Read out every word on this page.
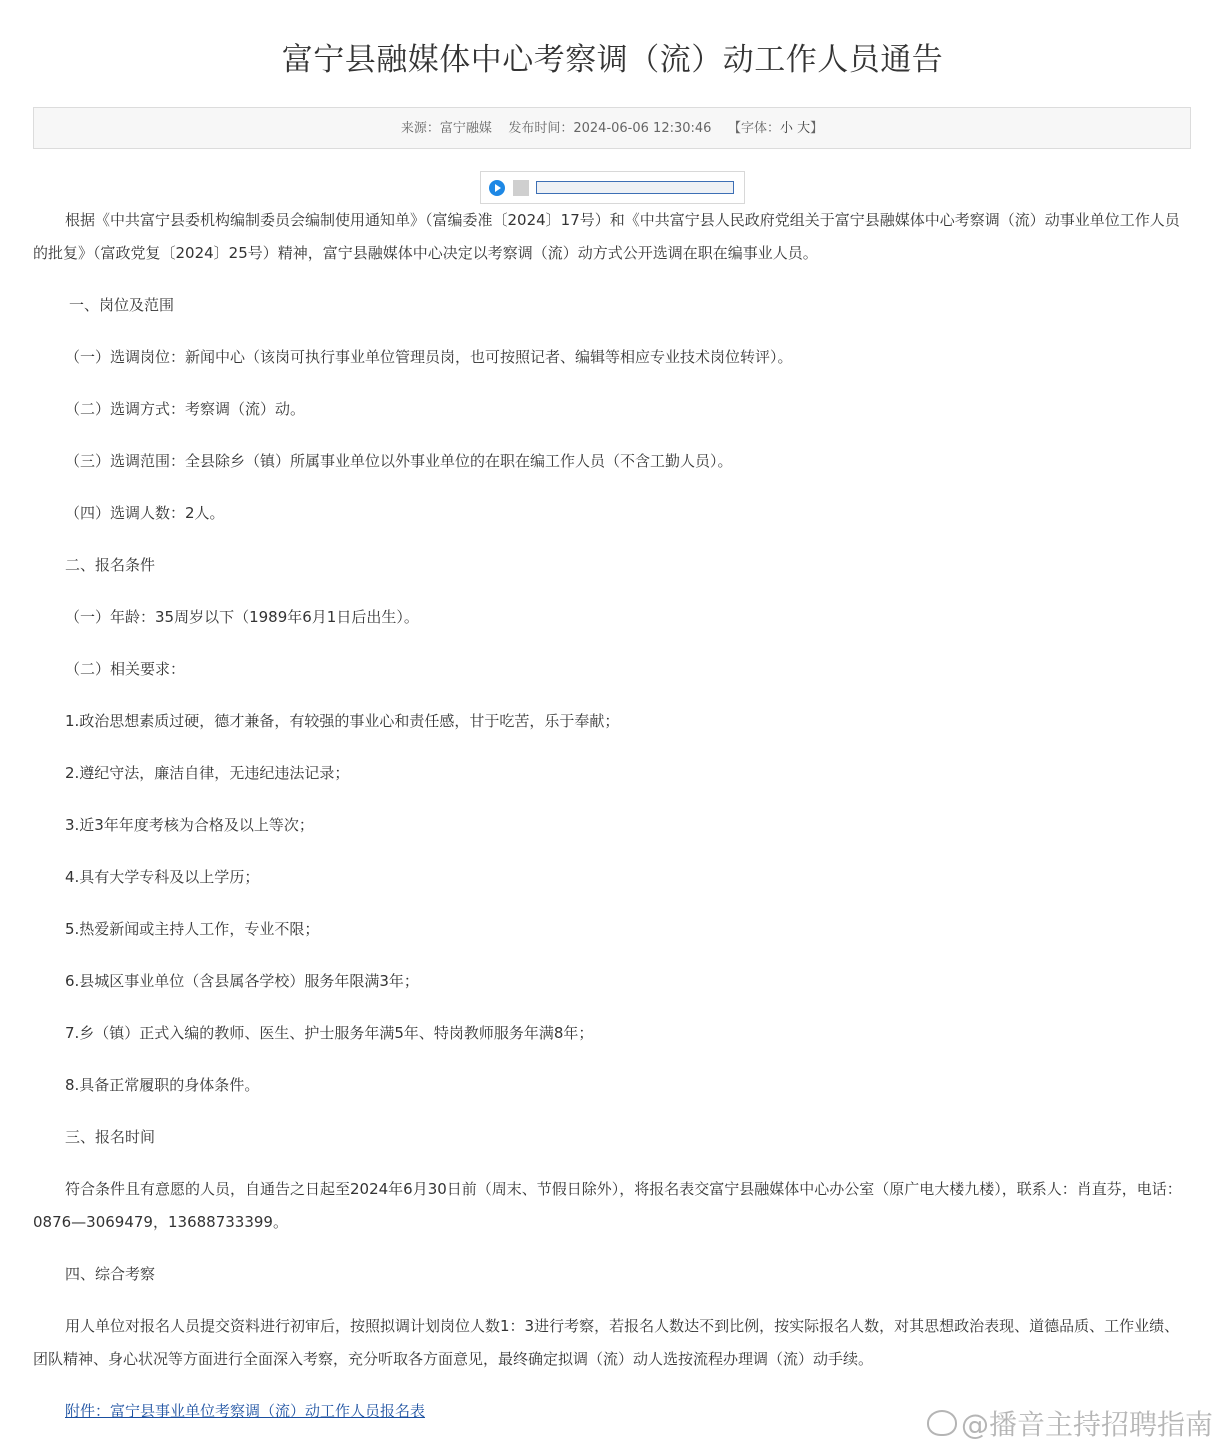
富宁县融媒体中心考察调（流）动工作人员通告
来源：富宁融媒 发布时间：2024-06-06 12:30:46 【字体：小 大】

根据《中共富宁县委机构编制委员会编制使用通知单》（富编委准〔2024〕17号）和《中共富宁县人民政府党组关于富宁县融媒体中心考察调（流）动事业单位工作人员的批复》（富政党复〔2024〕25号）精神，富宁县融媒体中心决定以考察调（流）动方式公开选调在职在编事业人员。

一、岗位及范围

（一）选调岗位：新闻中心（该岗可执行事业单位管理员岗，也可按照记者、编辑等相应专业技术岗位转评）。

（二）选调方式：考察调（流）动。

（三）选调范围：全县除乡（镇）所属事业单位以外事业单位的在职在编工作人员（不含工勤人员）。

（四）选调人数：2人。

二、报名条件

（一）年龄：35周岁以下（1989年6月1日后出生）。

（二）相关要求：

1.政治思想素质过硬，德才兼备，有较强的事业心和责任感，甘于吃苦，乐于奉献；

2.遵纪守法，廉洁自律，无违纪违法记录；

3.近3年年度考核为合格及以上等次；

4.具有大学专科及以上学历；

5.热爱新闻或主持人工作，专业不限；

6.县城区事业单位（含县属各学校）服务年限满3年；

7.乡（镇）正式入编的教师、医生、护士服务年满5年、特岗教师服务年满8年；

8.具备正常履职的身体条件。

三、报名时间

符合条件且有意愿的人员，自通告之日起至2024年6月30日前（周末、节假日除外），将报名表交富宁县融媒体中心办公室（原广电大楼九楼），联系人：肖直芬，电话：0876—3069479，13688733399。

四、综合考察

用人单位对报名人员提交资料进行初审后，按照拟调计划岗位人数1：3进行考察，若报名人数达不到比例，按实际报名人数，对其思想政治表现、道德品质、工作业绩、团队精神、身心状况等方面进行全面深入考察，充分听取各方面意见，最终确定拟调（流）动人选按流程办理调（流）动手续。

附件：富宁县事业单位考察调（流）动工作人员报名表	@播音主持招聘指南
